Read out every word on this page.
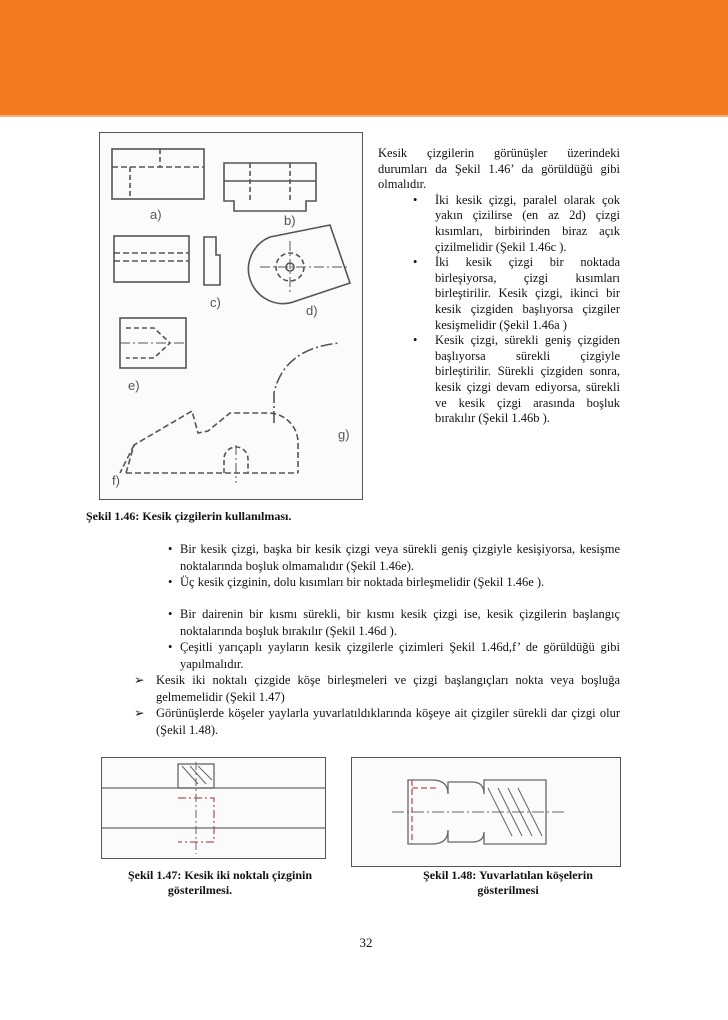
a)	b)
c)
d)
e)
f)
g)
Şekil 1.46: Kesik çizgilerin kullanılması.

Kesik çizgilerin görünüşler üzerindeki durumları da Şekil 1.46’ da görüldüğü gibi olmalıdır.

• İki kesik çizgi, paralel olarak çok yakın çizilirse (en az 2d) çizgi kısımları, birbirinden biraz açık çizilmelidir (Şekil 1.46c ).
• İki kesik çizgi bir noktada birleşiyorsa, çizgi kısımları birleştirilir. Kesik çizgi, ikinci bir kesik çizgiden başlıyorsa çizgiler kesişmelidir (Şekil 1.46a )
• Kesik çizgi, sürekli geniş çizgiden başlıyorsa sürekli çizgiyle birleştirilir. Sürekli çizgiden sonra, kesik çizgi devam ediyorsa, sürekli ve kesik çizgi arasında boşluk bırakılır (Şekil 1.46b ).
• Bir kesik çizgi, başka bir kesik çizgi veya sürekli geniş çizgiyle kesişiyorsa, kesişme noktalarında boşluk olmamalıdır (Şekil 1.46e).
• Üç kesik çizginin, dolu kısımları bir noktada birleşmelidir (Şekil 1.46e ).
• Bir dairenin bir kısmı sürekli, bir kısmı kesik çizgi ise, kesik çizgilerin başlangıç noktalarında boşluk bırakılır (Şekil 1.46d ).
• Çeşitli yarıçaplı yayların kesik çizgilerle çizimleri Şekil 1.46d,f’ de görüldüğü gibi yapılmalıdır.
➢ Kesik iki noktalı çizgide köşe birleşmeleri ve çizgi başlangıçları nokta veya boşluğa gelmemelidir (Şekil 1.47)
➢ Görünüşlerde köşeler yaylarla yuvarlatıldıklarında köşeye ait çizgiler sürekli dar çizgi olur (Şekil 1.48).
Şekil 1.47: Kesik iki noktalı çizginin
gösterilmesi.
Şekil 1.48: Yuvarlatılan köşelerin
gösterilmesi
32
